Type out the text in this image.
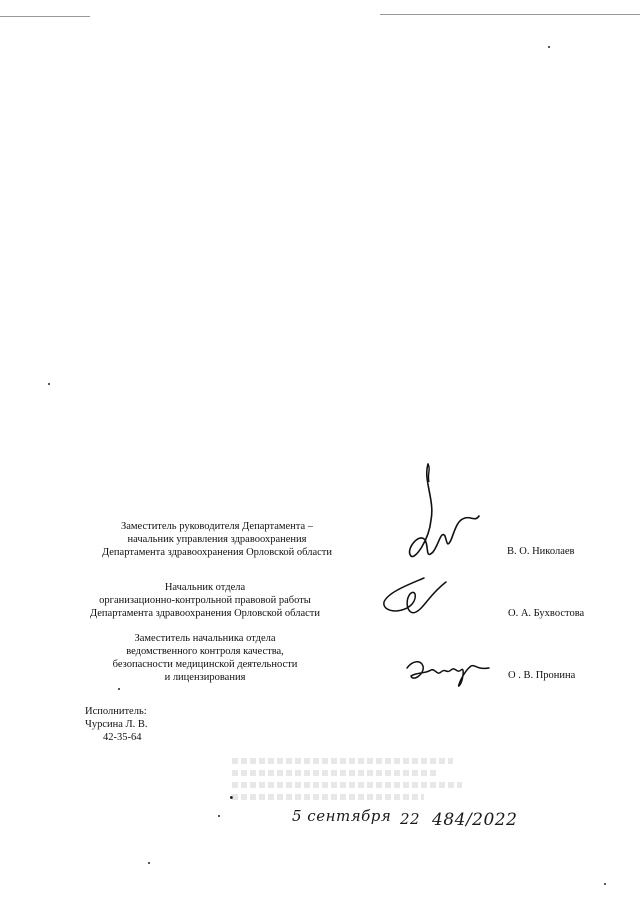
Заместитель руководителя Департамента –
начальник управления здравоохранения
Департамента здравоохранения Орловской области	В. О. Николаев
Начальник отдела
организационно-контрольной правовой работы
Департамента здравоохранения Орловской области	О. А. Бухвостова
Заместитель начальника отдела
ведомственного контроля качества,
безопасности медицинской деятельности
и лицензирования	О . В. Пронина
Исполнитель:
Чурсина Л. В.
42-35-64
5 сентября 22 484/2022
